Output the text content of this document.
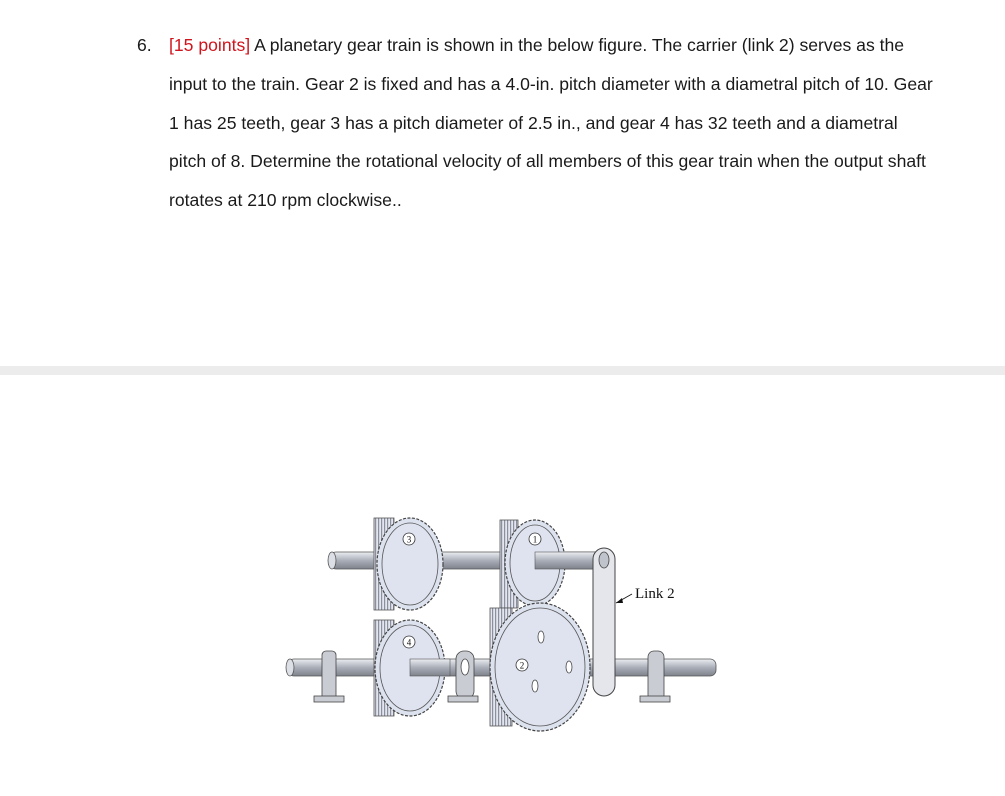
6. [15 points] A planetary gear train is shown in the below figure. The carrier (link 2) serves as the input to the train. Gear 2 is fixed and has a 4.0-in. pitch diameter with a diametral pitch of 10. Gear 1 has 25 teeth, gear 3 has a pitch diameter of 2.5 in., and gear 4 has 32 teeth and a diametral pitch of 8. Determine the rotational velocity of all members of this gear train when the output shaft rotates at 210 rpm clockwise..
3
4
1
2
Link 2
